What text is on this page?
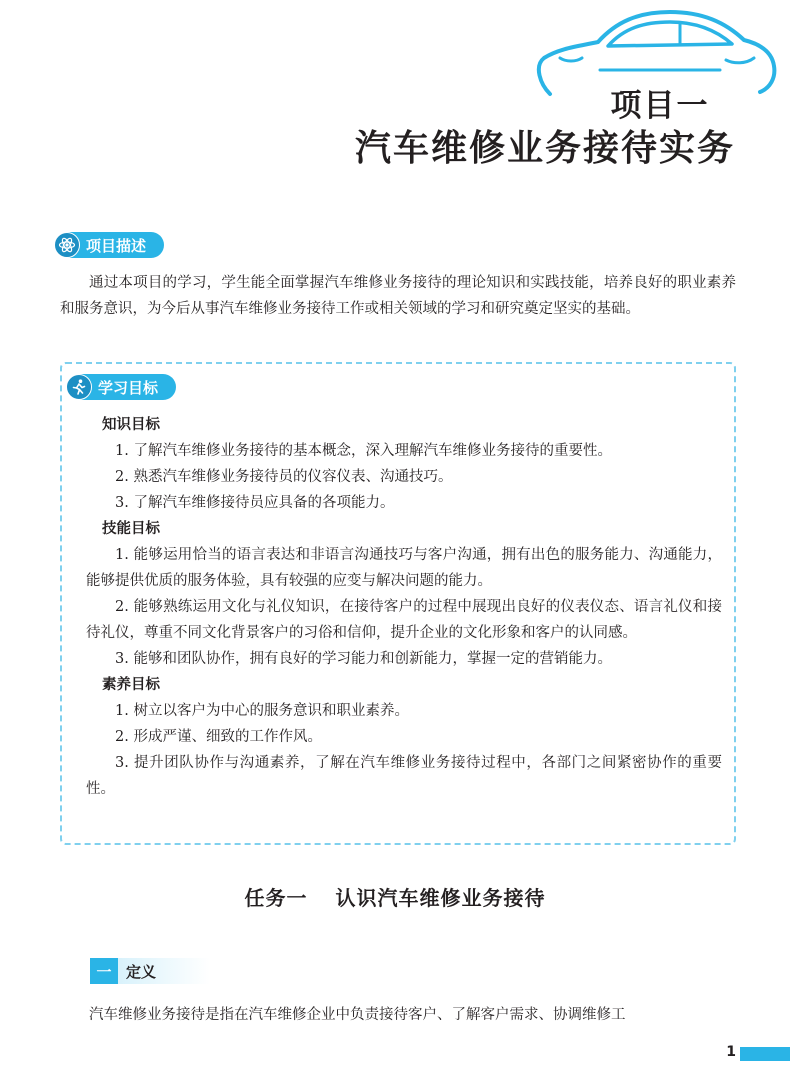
项目一
汽车维修业务接待实务
项目描述
通过本项目的学习，学生能全面掌握汽车维修业务接待的理论知识和实践技能，培养良好的职业素养和服务意识，为今后从事汽车维修业务接待工作或相关领域的学习和研究奠定坚实的基础。
学习目标
知识目标
1. 了解汽车维修业务接待的基本概念，深入理解汽车维修业务接待的重要性。
2. 熟悉汽车维修业务接待员的仪容仪表、沟通技巧。
3. 了解汽车维修接待员应具备的各项能力。
技能目标
1. 能够运用恰当的语言表达和非语言沟通技巧与客户沟通，拥有出色的服务能力、沟通能力，能够提供优质的服务体验，具有较强的应变与解决问题的能力。
2. 能够熟练运用文化与礼仪知识，在接待客户的过程中展现出良好的仪表仪态、语言礼仪和接待礼仪，尊重不同文化背景客户的习俗和信仰，提升企业的文化形象和客户的认同感。
3. 能够和团队协作，拥有良好的学习能力和创新能力，掌握一定的营销能力。
素养目标
1. 树立以客户为中心的服务意识和职业素养。
2. 形成严谨、细致的工作作风。
3. 提升团队协作与沟通素养，了解在汽车维修业务接待过程中，各部门之间紧密协作的重要性。
任务一 认识汽车维修业务接待
一 定义
汽车维修业务接待是指在汽车维修企业中负责接待客户、了解客户需求、协调维修工
1
